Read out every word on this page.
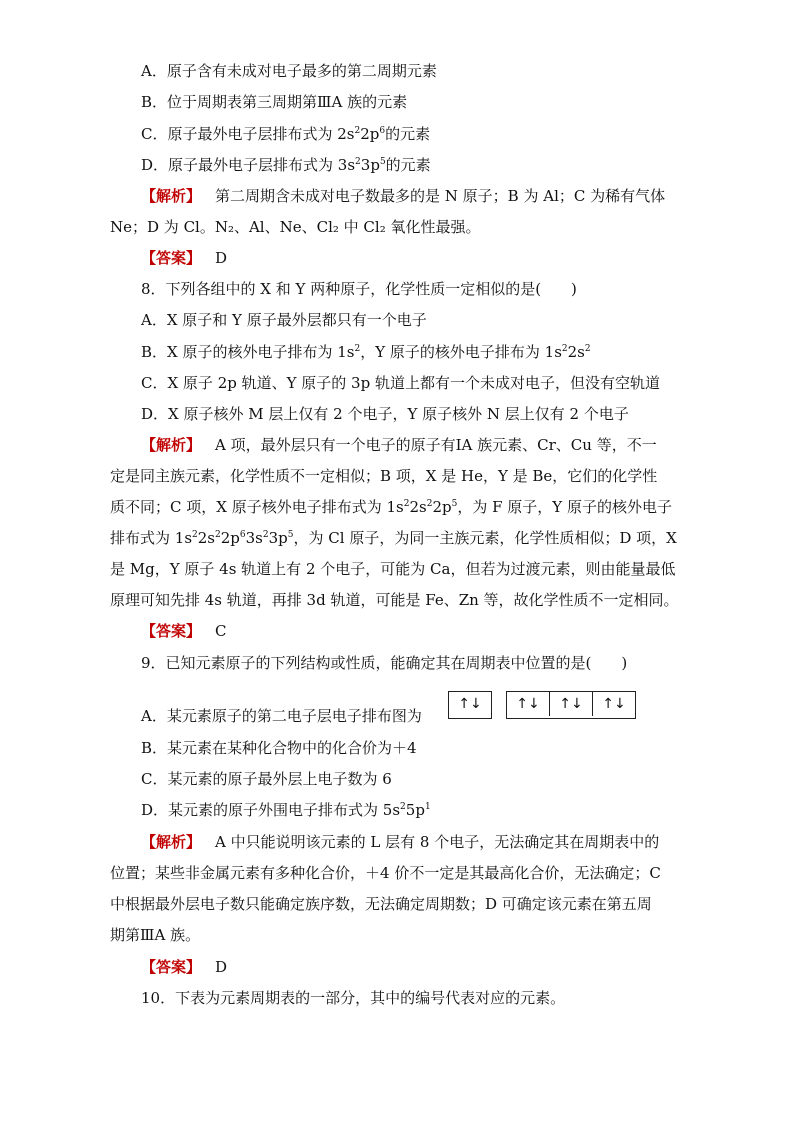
A．原子含有未成对电子最多的第二周期元素
B．位于周期表第三周期第ⅢA 族的元素
C．原子最外电子层排布式为 $2s^22p^6$的元素
D．原子最外电子层排布式为 $3s^23p^5$的元素
【解析】 第二周期含未成对电子数最多的是 N 原子；B 为 Al；C 为稀有气体
Ne；D 为 Cl。N₂、Al、Ne、Cl₂ 中 Cl₂ 氧化性最强。
【答案】 D
8．下列各组中的 X 和 Y 两种原子，化学性质一定相似的是(　　)
A．X 原子和 Y 原子最外层都只有一个电子
B．X 原子的核外电子排布为 $1s^2$，Y 原子的核外电子排布为 $1s^22s^2$
C．X 原子 2p 轨道、Y 原子的 3p 轨道上都有一个未成对电子，但没有空轨道
D．X 原子核外 M 层上仅有 2 个电子，Y 原子核外 N 层上仅有 2 个电子
【解析】 A 项，最外层只有一个电子的原子有ⅠA 族元素、Cr、Cu 等，不一
定是同主族元素，化学性质不一定相似；B 项，X 是 He，Y 是 Be，它们的化学性
质不同；C 项，X 原子核外电子排布式为 $1s^22s^22p^5$，为 F 原子，Y 原子的核外电子
排布式为 $1s^22s^22p^63s^23p^5$，为 Cl 原子，为同一主族元素，化学性质相似；D 项，X
是 Mg，Y 原子 4s 轨道上有 2 个电子，可能为 Ca，但若为过渡元素，则由能量最低
原理可知先排 4s 轨道，再排 3d 轨道，可能是 Fe、Zn 等，故化学性质不一定相同。
【答案】 C
9．已知元素原子的下列结构或性质，能确定其在周期表中位置的是(　　)
A．某元素原子的第二电子层电子排布图为
↑↓	↑↓	↑↓	↑↓
B．某元素在某种化合物中的化合价为＋4
C．某元素的原子最外层上电子数为 6
D．某元素的原子外围电子排布式为 $5s^25p^1$
【解析】 A 中只能说明该元素的 L 层有 8 个电子，无法确定其在周期表中的
位置；某些非金属元素有多种化合价，＋4 价不一定是其最高化合价，无法确定；C
中根据最外层电子数只能确定族序数，无法确定周期数；D 可确定该元素在第五周
期第ⅢA 族。
【答案】 D
10．下表为元素周期表的一部分，其中的编号代表对应的元素。
